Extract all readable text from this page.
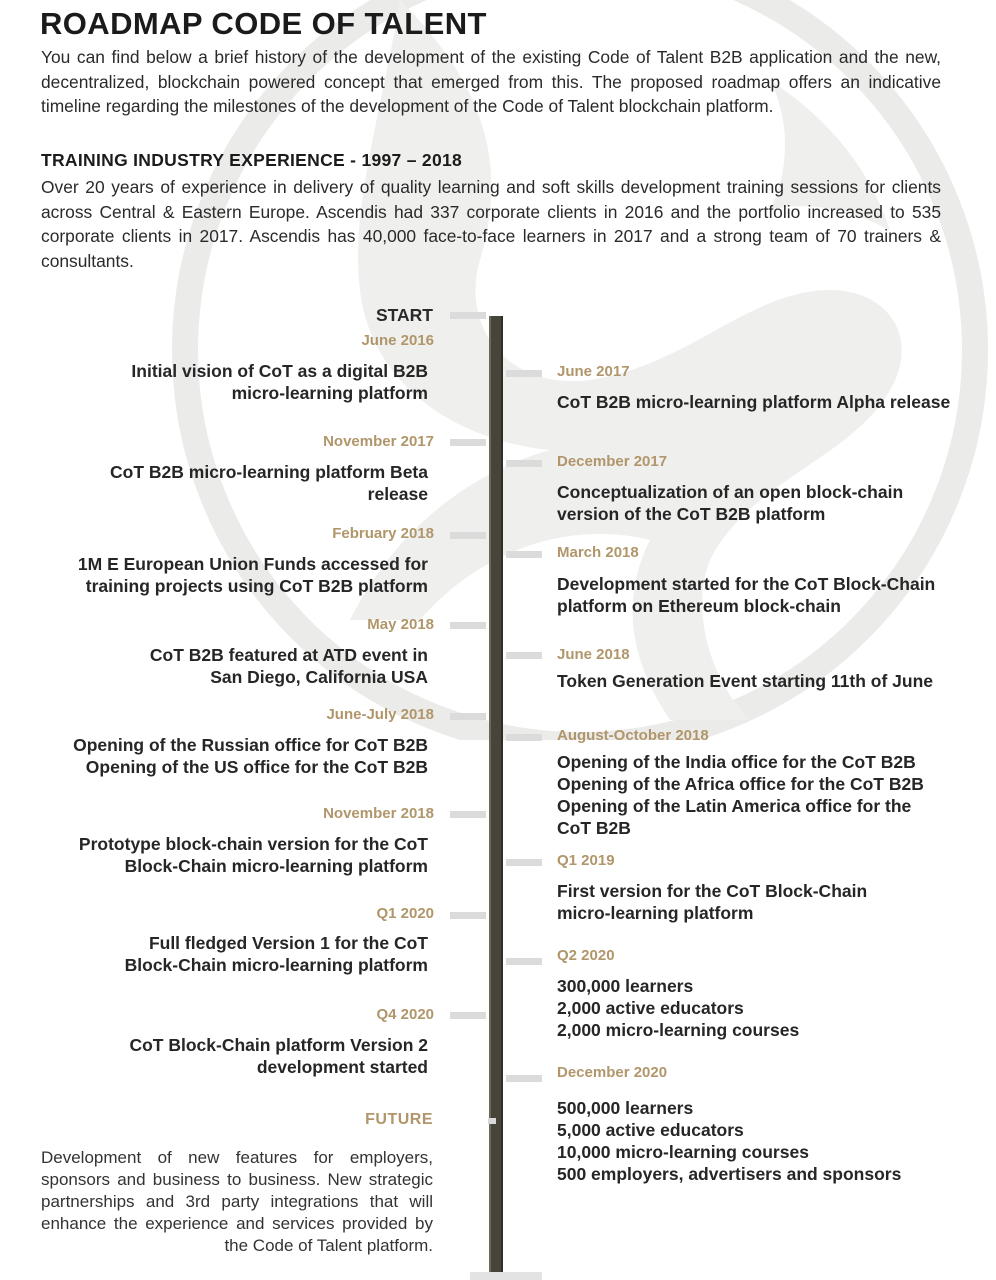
ROADMAP CODE OF TALENT

You can find below a brief history of the development of the existing Code of Talent B2B application and the new, decentralized, blockchain powered concept that emerged from this. The proposed roadmap offers an indicative timeline regarding the milestones of the development of the Code of Talent blockchain platform.

TRAINING INDUSTRY EXPERIENCE - 1997 – 2018

Over 20 years of experience in delivery of quality learning and soft skills development training sessions for clients across Central & Eastern Europe. Ascendis had 337 corporate clients in 2016 and the portfolio increased to 535 corporate clients in 2017. Ascendis has 40,000 face-to-face learners in 2017 and a strong team of 70 trainers & consultants.

START
June 2016
Initial vision of CoT as a digital B2B
micro-learning platform
November 2017
CoT B2B micro-learning platform Beta
release
February 2018
1M E European Union Funds accessed for
training projects using CoT B2B platform
May 2018
CoT B2B featured at ATD event in
San Diego, California USA
June-July 2018
Opening of the Russian office for CoT B2B
Opening of the US office for the CoT B2B
November 2018
Prototype block-chain version for the CoT
Block-Chain micro-learning platform
Q1 2020
Full fledged Version 1 for the CoT
Block-Chain micro-learning platform
Q4 2020
CoT Block-Chain platform Version 2
development started
June 2017
CoT B2B micro-learning platform Alpha release
December 2017
Conceptualization of an open block-chain
version of the CoT B2B platform
March 2018
Development started for the CoT Block-Chain
platform on Ethereum block-chain
June 2018
Token Generation Event starting 11th of June
August-October 2018
Opening of the India office for the CoT B2B
Opening of the Africa office for the CoT B2B
Opening of the Latin America office for the
CoT B2B
Q1 2019
First version for the CoT Block-Chain
micro-learning platform
Q2 2020
300,000 learners
2,000 active educators
2,000 micro-learning courses
December 2020
500,000 learners
5,000 active educators
10,000 micro-learning courses
500 employers, advertisers and sponsors
FUTURE

Development of new features for employers, sponsors and business to business. New strategic partnerships and 3rd party integrations that will enhance the experience and services provided by the Code of Talent platform.
